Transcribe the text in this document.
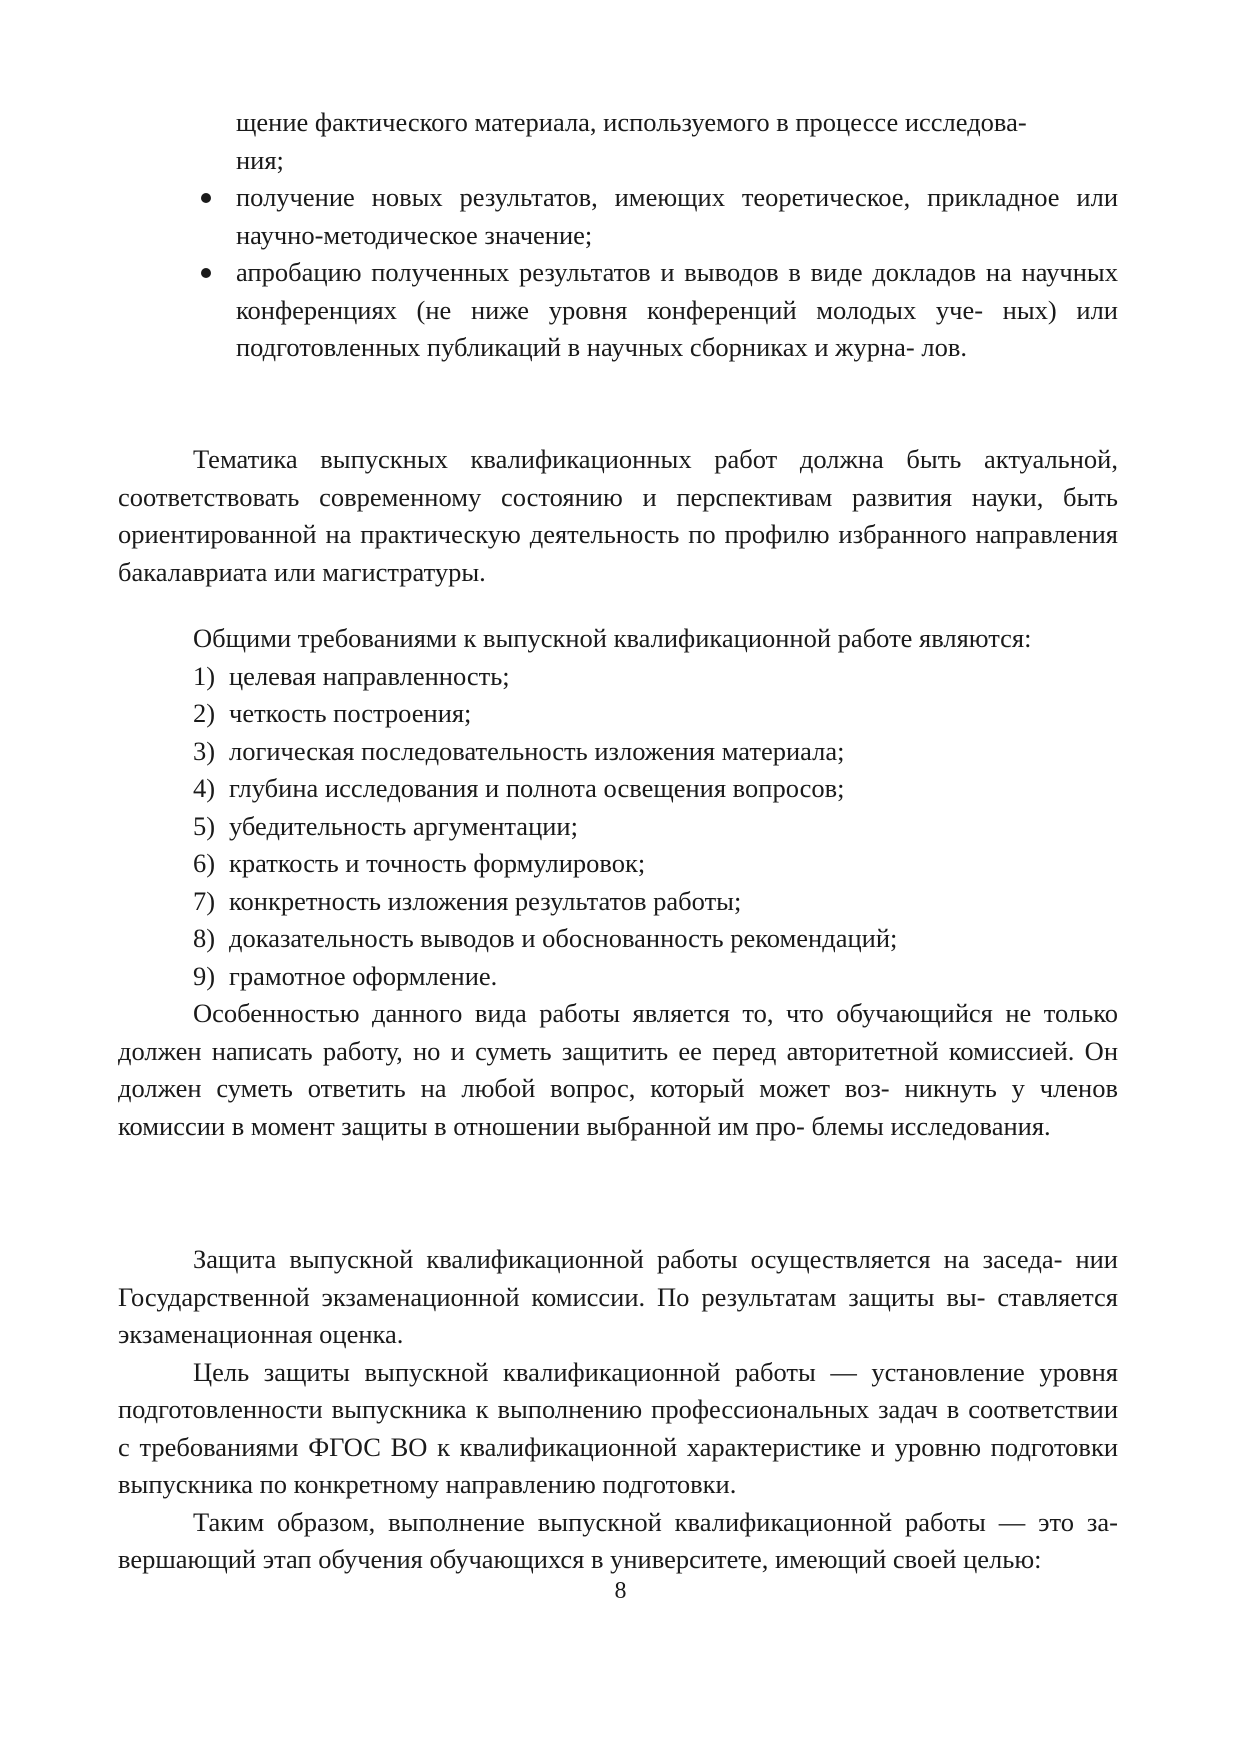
щение фактического материала, используемого в процессе исследова-

ния;

получение новых результатов, имеющих теоретическое, прикладное или научно-методическое значение;
апробацию полученных результатов и выводов в виде докладов на научных конференциях (не ниже уровня конференций молодых уче- ных) или подготовленных публикаций в научных сборниках и журна- лов.

Тематика выпускных квалификационных работ должна быть актуальной, соответствовать современному состоянию и перспективам развития науки, быть ориентированной на практическую деятельность по профилю избранного направления бакалавриата или магистратуры.

Общими требованиями к выпускной квалификационной работе являются:

1) целевая направленность;
2) четкость построения;
3) логическая последовательность изложения материала;
4) глубина исследования и полнота освещения вопросов;
5) убедительность аргументации;
6) краткость и точность формулировок;
7) конкретность изложения результатов работы;
8) доказательность выводов и обоснованность рекомендаций;
9) грамотное оформление.

Особенностью данного вида работы является то, что обучающийся не только должен написать работу, но и суметь защитить ее перед авторитетной комиссией. Он должен суметь ответить на любой вопрос, который может воз- никнуть у членов комиссии в момент защиты в отношении выбранной им про- блемы исследования.

Защита выпускной квалификационной работы осуществляется на заседа- нии Государственной экзаменационной комиссии. По результатам защиты вы- ставляется экзаменационная оценка.

Цель защиты выпускной квалификационной работы — установление уровня подготовленности выпускника к выполнению профессиональных задач в соответствии с требованиями ФГОС ВО к квалификационной характеристике и уровню подготовки выпускника по конкретному направлению подготовки.

Таким образом, выполнение выпускной квалификационной работы — это за- вершающий этап обучения обучающихся в университете, имеющий своей целью:

8
